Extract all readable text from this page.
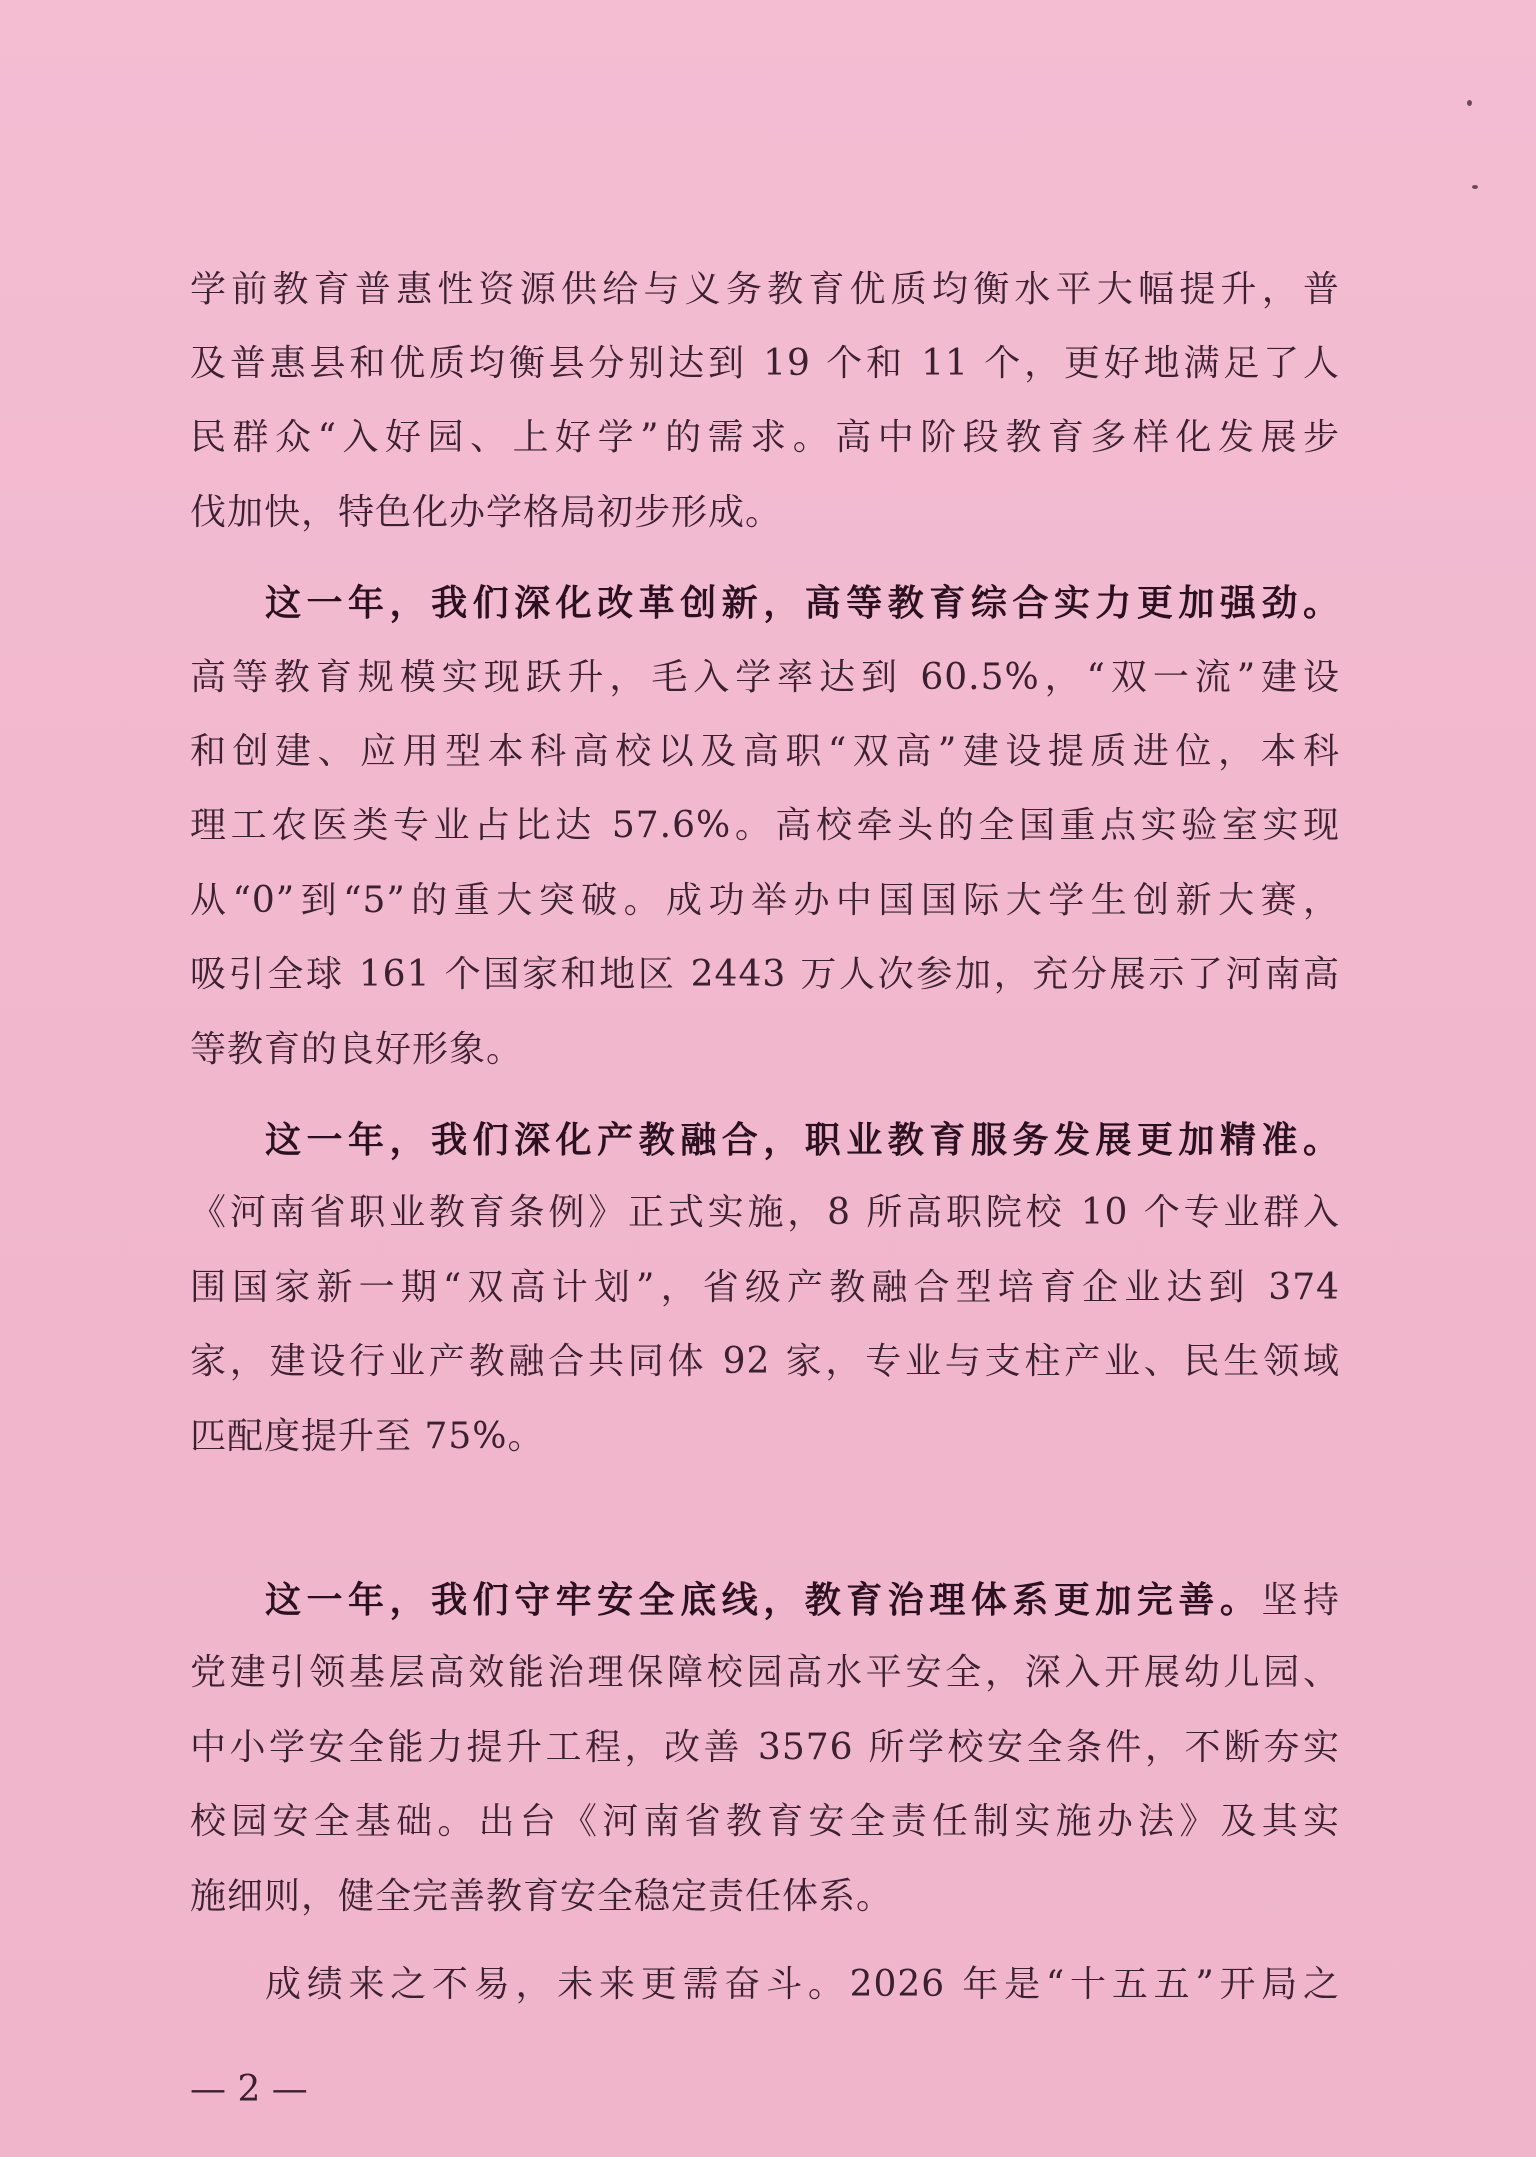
学前教育普惠性资源供给与义务教育优质均衡水平大幅提升，普
及普惠县和优质均衡县分别达到 19 个和 11 个，更好地满足了人
民群众“入好园、上好学”的需求。高中阶段教育多样化发展步
伐加快，特色化办学格局初步形成。
这一年，我们深化改革创新，高等教育综合实力更加强劲。
高等教育规模实现跃升，毛入学率达到 60.5%，“双一流”建设
和创建、应用型本科高校以及高职“双高”建设提质进位，本科
理工农医类专业占比达 57.6%。高校牵头的全国重点实验室实现
从“0”到“5”的重大突破。成功举办中国国际大学生创新大赛，
吸引全球 161 个国家和地区 2443 万人次参加，充分展示了河南高
等教育的良好形象。
这一年，我们深化产教融合，职业教育服务发展更加精准。
《河南省职业教育条例》正式实施，8 所高职院校 10 个专业群入
围国家新一期“双高计划”，省级产教融合型培育企业达到 374
家，建设行业产教融合共同体 92 家，专业与支柱产业、民生领域
匹配度提升至 75%。
这一年，我们守牢安全底线，教育治理体系更加完善。坚持
党建引领基层高效能治理保障校园高水平安全，深入开展幼儿园、
中小学安全能力提升工程，改善 3576 所学校安全条件，不断夯实
校园安全基础。出台《河南省教育安全责任制实施办法》及其实
施细则，健全完善教育安全稳定责任体系。
成绩来之不易，未来更需奋斗。2026 年是“十五五”开局之
— 2 —
